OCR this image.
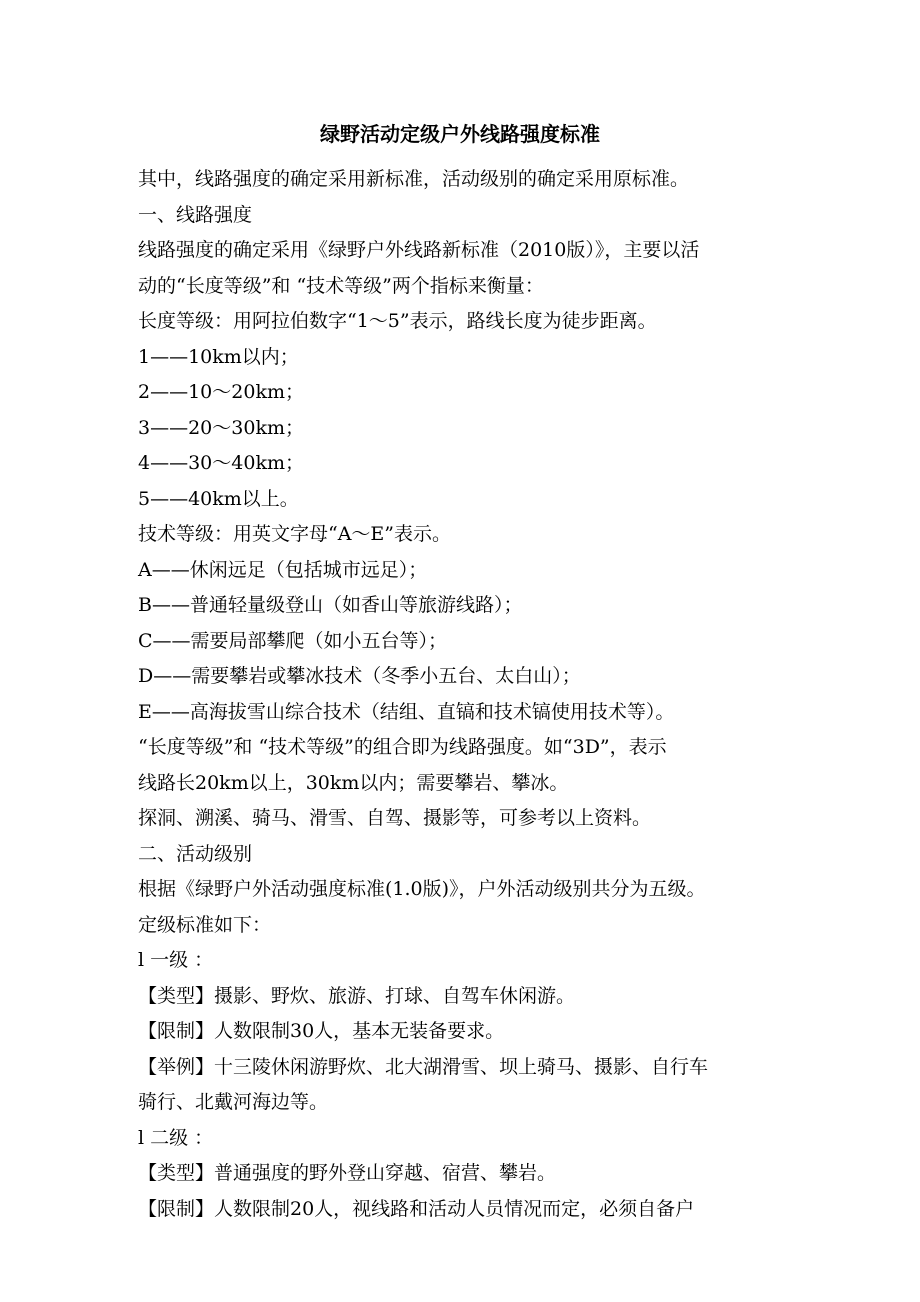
绿野活动定级户外线路强度标准
其中，线路强度的确定采用新标准，活动级别的确定采用原标准。
一、线路强度
线路强度的确定采用《绿野户外线路新标准（2010版）》，主要以活
动的“长度等级”和 “技术等级”两个指标来衡量：
长度等级：用阿拉伯数字“1～5”表示，路线长度为徒步距离。
1——10km以内；
2——10～20km；
3——20～30km；
4——30～40km；
5——40km以上。
技术等级：用英文字母“A～E”表示。
A——休闲远足（包括城市远足）；
B——普通轻量级登山（如香山等旅游线路）；
C——需要局部攀爬（如小五台等）；
D——需要攀岩或攀冰技术（冬季小五台、太白山）；
E——高海拔雪山综合技术（结组、直镐和技术镐使用技术等）。
“长度等级”和 “技术等级”的组合即为线路强度。如“3D”，表示
线路长20km以上，30km以内；需要攀岩、攀冰。
探洞、溯溪、骑马、滑雪、自驾、摄影等，可参考以上资料。
二、活动级别
根据《绿野户外活动强度标准(1.0版)》，户外活动级别共分为五级。
定级标准如下：
l 一级 ：
【类型】摄影、野炊、旅游、打球、自驾车休闲游。
【限制】人数限制30人，基本无装备要求。
【举例】十三陵休闲游野炊、北大湖滑雪、坝上骑马、摄影、自行车
骑行、北戴河海边等。
l 二级 ：
【类型】普通强度的野外登山穿越、宿营、攀岩。
【限制】人数限制20人，视线路和活动人员情况而定，必须自备户
